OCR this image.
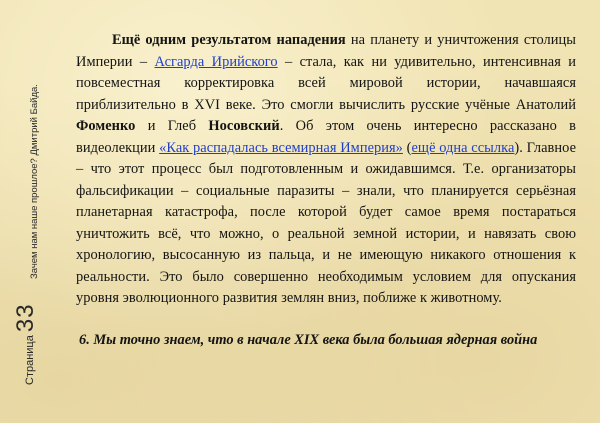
Страница
33
Зачем нам наше прошлое? Дмитрий Байда.

Ещё одним результатом нападения на планету и уничтожения столицы Империи – Асгарда Ирийского – стала, как ни удивительно, интенсивная и повсеместная корректировка всей мировой истории, начавшаяся приблизительно в XVI веке. Это смогли вычислить русские учёные Анатолий Фоменко и Глеб Носовский. Об этом очень интересно рассказано в видеолекции «Как распадалась всемирная Империя» (ещё одна ссылка). Главное – что этот процесс был подготовленным и ожидавшимся. Т.е. организаторы фальсификации – социальные паразиты – знали, что планируется серьёзная планетарная катастрофа, после которой будет самое время постараться уничтожить всё, что можно, о реальной земной истории, и навязать свою хронологию, высосанную из пальца, и не имеющую никакого отношения к реальности. Это было совершенно необходимым условием для опускания уровня эволюционного развития землян вниз, поближе к животному.

6. Мы точно знаем, что в начале XIX века была большая ядерная война
